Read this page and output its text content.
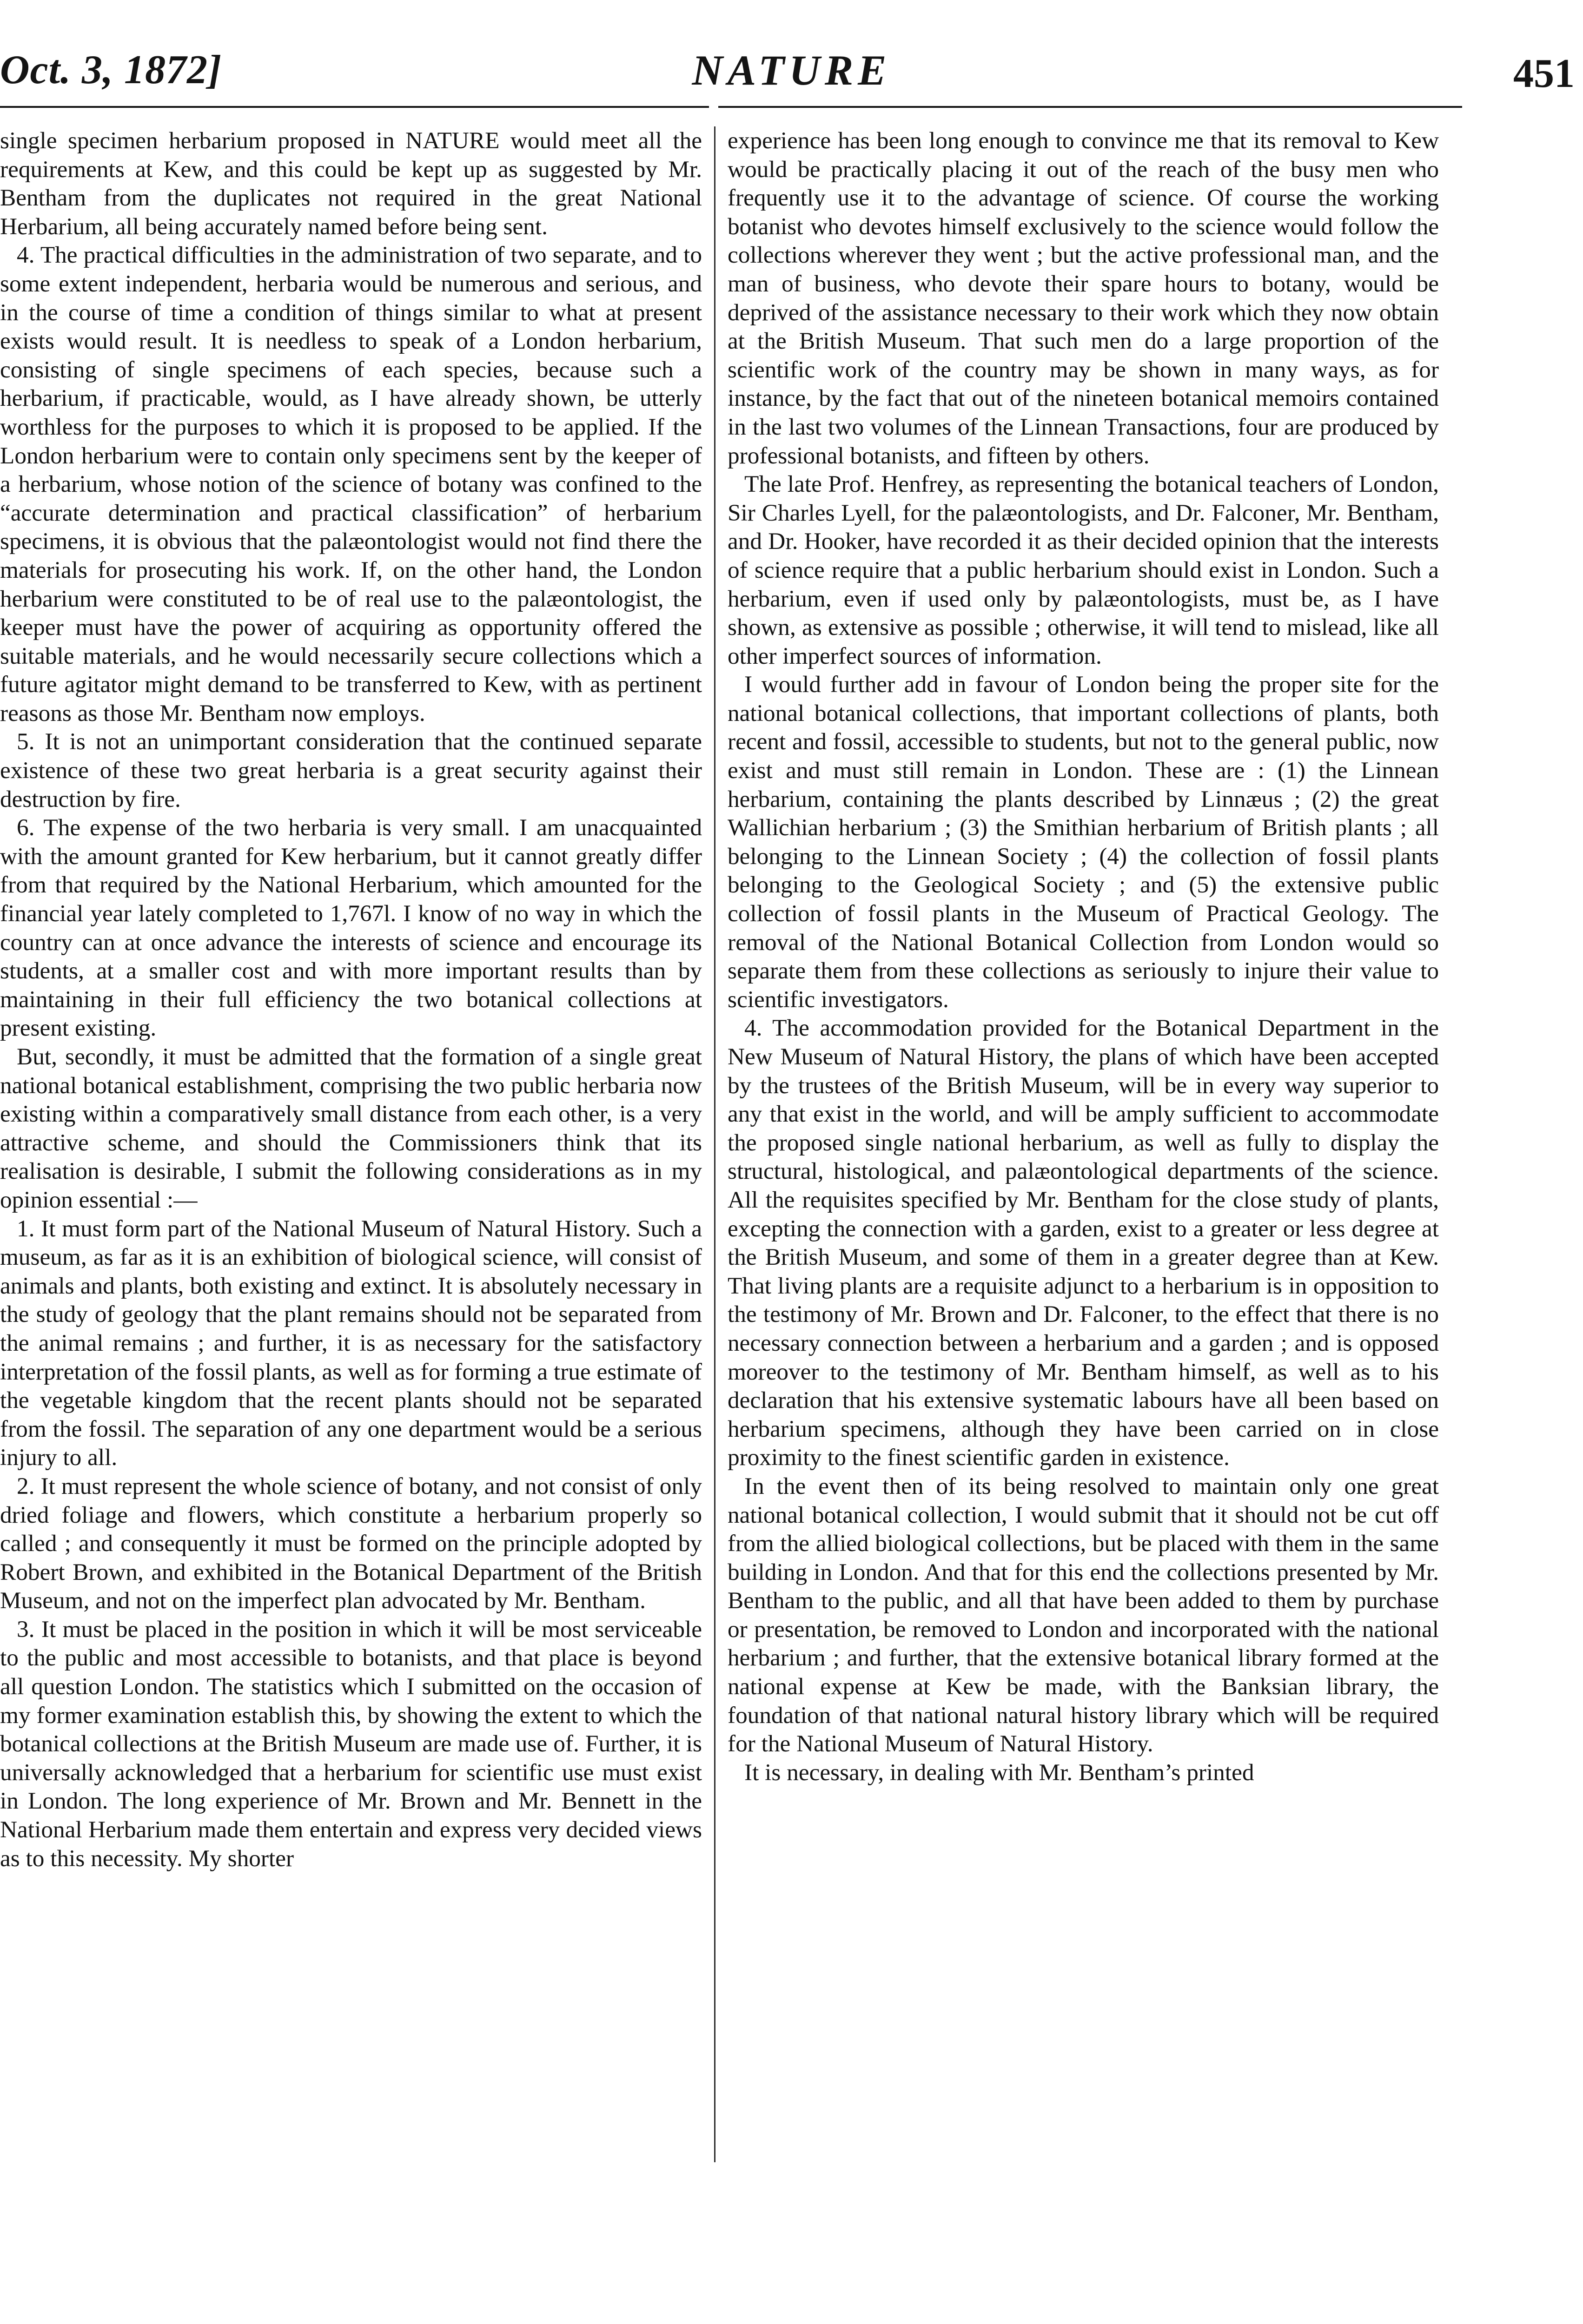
Oct. 3, 1872]	NATURE	451

single specimen herbarium proposed in NATURE would meet all the requirements at Kew, and this could be kept up as suggested by Mr. Bentham from the duplicates not required in the great National Herbarium, all being accurately named before being sent.

4. The practical difficulties in the administration of two separate, and to some extent independent, herbaria would be numerous and serious, and in the course of time a condition of things similar to what at present exists would result. It is needless to speak of a London herbarium, consisting of single specimens of each species, because such a herbarium, if practicable, would, as I have already shown, be utterly worthless for the purposes to which it is proposed to be applied. If the London herbarium were to contain only specimens sent by the keeper of a herbarium, whose notion of the science of botany was confined to the “accurate determination and practical classification” of herbarium specimens, it is obvious that the palæontologist would not find there the materials for prosecuting his work. If, on the other hand, the London herbarium were constituted to be of real use to the palæontologist, the keeper must have the power of acquiring as opportunity offered the suitable materials, and he would necessarily secure collections which a future agitator might demand to be transferred to Kew, with as pertinent reasons as those Mr. Bentham now employs.

5. It is not an unimportant consideration that the continued separate existence of these two great herbaria is a great security against their destruction by fire.

6. The expense of the two herbaria is very small. I am unacquainted with the amount granted for Kew herbarium, but it cannot greatly differ from that required by the National Herbarium, which amounted for the financial year lately completed to 1,767l. I know of no way in which the country can at once advance the interests of science and encourage its students, at a smaller cost and with more important results than by maintaining in their full efficiency the two botanical collections at present existing.

But, secondly, it must be admitted that the formation of a single great national botanical establishment, comprising the two public herbaria now existing within a comparatively small distance from each other, is a very attractive scheme, and should the Commissioners think that its realisation is desirable, I submit the following considerations as in my opinion essential :—

1. It must form part of the National Museum of Natural History. Such a museum, as far as it is an exhibition of biological science, will consist of animals and plants, both existing and extinct. It is absolutely necessary in the study of geology that the plant remains should not be separated from the animal remains ; and further, it is as necessary for the satisfactory interpretation of the fossil plants, as well as for forming a true estimate of the vegetable kingdom that the recent plants should not be separated from the fossil. The separation of any one department would be a serious injury to all.

2. It must represent the whole science of botany, and not consist of only dried foliage and flowers, which constitute a herbarium properly so called ; and consequently it must be formed on the principle adopted by Robert Brown, and exhibited in the Botanical Department of the British Museum, and not on the imperfect plan advocated by Mr. Bentham.

3. It must be placed in the position in which it will be most serviceable to the public and most accessible to botanists, and that place is beyond all question London. The statistics which I submitted on the occasion of my former examination establish this, by showing the extent to which the botanical collections at the British Museum are made use of. Further, it is universally acknowledged that a herbarium for scientific use must exist in London. The long experience of Mr. Brown and Mr. Bennett in the National Herbarium made them entertain and express very decided views as to this necessity. My shorter

experience has been long enough to convince me that its removal to Kew would be practically placing it out of the reach of the busy men who frequently use it to the advantage of science. Of course the working botanist who devotes himself exclusively to the science would follow the collections wherever they went ; but the active professional man, and the man of business, who devote their spare hours to botany, would be deprived of the assistance necessary to their work which they now obtain at the British Museum. That such men do a large proportion of the scientific work of the country may be shown in many ways, as for instance, by the fact that out of the nineteen botanical memoirs contained in the last two volumes of the Linnean Transactions, four are produced by professional botanists, and fifteen by others.

The late Prof. Henfrey, as representing the botanical teachers of London, Sir Charles Lyell, for the palæontologists, and Dr. Falconer, Mr. Bentham, and Dr. Hooker, have recorded it as their decided opinion that the interests of science require that a public herbarium should exist in London. Such a herbarium, even if used only by palæontologists, must be, as I have shown, as extensive as possible ; otherwise, it will tend to mislead, like all other imperfect sources of information.

I would further add in favour of London being the proper site for the national botanical collections, that important collections of plants, both recent and fossil, accessible to students, but not to the general public, now exist and must still remain in London. These are : (1) the Linnean herbarium, containing the plants described by Linnæus ; (2) the great Wallichian herbarium ; (3) the Smithian herbarium of British plants ; all belonging to the Linnean Society ; (4) the collection of fossil plants belonging to the Geological Society ; and (5) the extensive public collection of fossil plants in the Museum of Practical Geology. The removal of the National Botanical Collection from London would so separate them from these collections as seriously to injure their value to scientific investigators.

4. The accommodation provided for the Botanical Department in the New Museum of Natural History, the plans of which have been accepted by the trustees of the British Museum, will be in every way superior to any that exist in the world, and will be amply sufficient to accommodate the proposed single national herbarium, as well as fully to display the structural, histological, and palæontological departments of the science. All the requisites specified by Mr. Bentham for the close study of plants, excepting the connection with a garden, exist to a greater or less degree at the British Museum, and some of them in a greater degree than at Kew. That living plants are a requisite adjunct to a herbarium is in opposition to the testimony of Mr. Brown and Dr. Falconer, to the effect that there is no necessary connection between a herbarium and a garden ; and is opposed moreover to the testimony of Mr. Bentham himself, as well as to his declaration that his extensive systematic labours have all been based on herbarium specimens, although they have been carried on in close proximity to the finest scientific garden in existence.

In the event then of its being resolved to maintain only one great national botanical collection, I would submit that it should not be cut off from the allied biological collections, but be placed with them in the same building in London. And that for this end the collections presented by Mr. Bentham to the public, and all that have been added to them by purchase or presentation, be removed to London and incorporated with the national herbarium ; and further, that the extensive botanical library formed at the national expense at Kew be made, with the Banksian library, the foundation of that national natural history library which will be required for the National Museum of Natural History.

It is necessary, in dealing with Mr. Bentham’s printed
